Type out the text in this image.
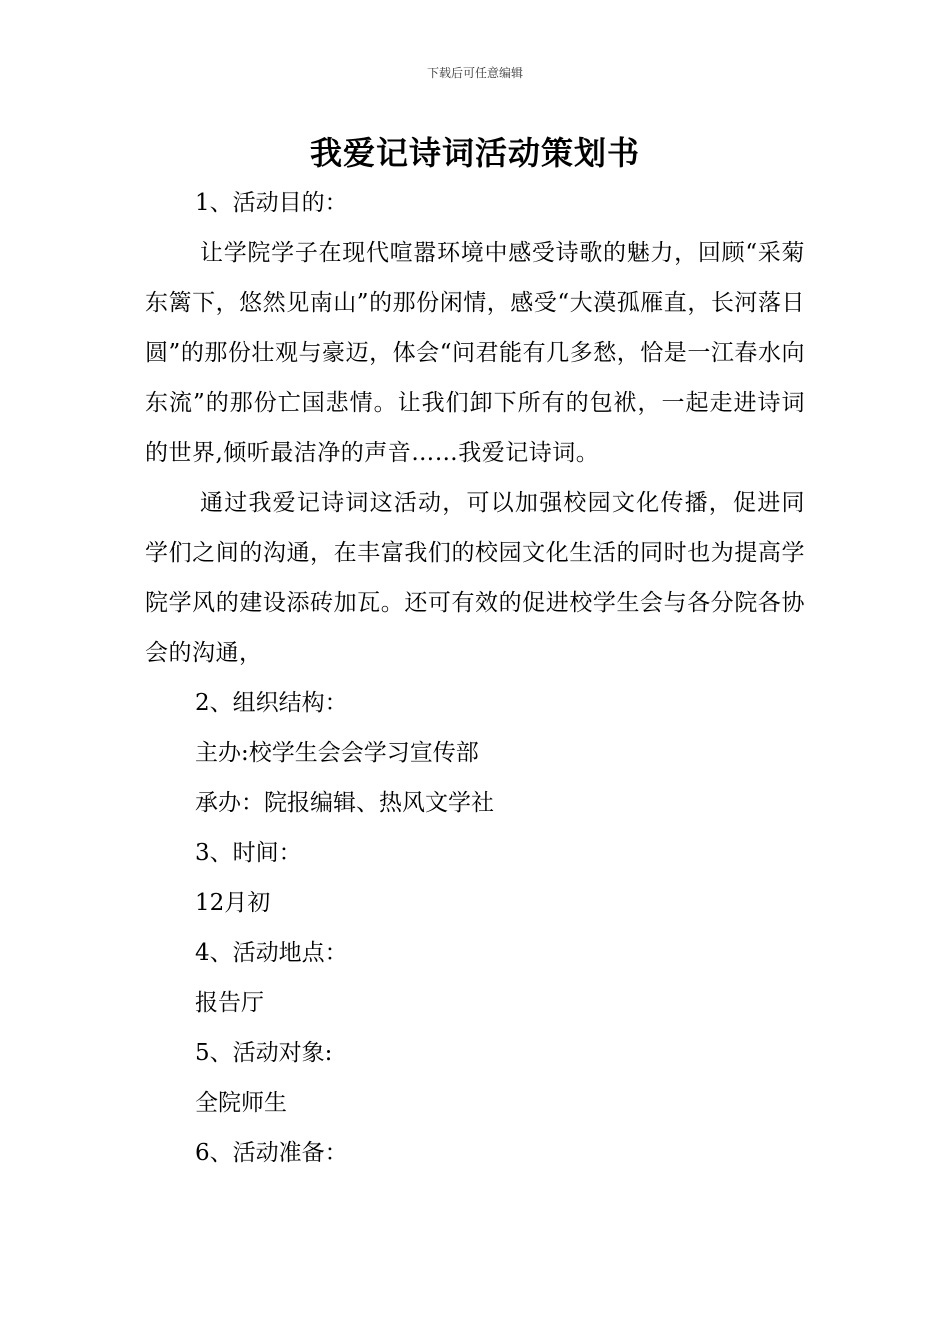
下载后可任意编辑
我爱记诗词活动策划书
1、活动目的：

让学院学子在现代喧嚣环境中感受诗歌的魅力，回顾“采菊东篱下，悠然见南山”的那份闲情，感受“大漠孤雁直，长河落日圆”的那份壮观与豪迈，体会“问君能有几多愁，恰是一江春水向东流”的那份亡国悲情。让我们卸下所有的包袱，一起走进诗词的世界,倾听最洁净的声音……我爱记诗词。

通过我爱记诗词这活动，可以加强校园文化传播，促进同学们之间的沟通，在丰富我们的校园文化生活的同时也为提高学院学风的建设添砖加瓦。还可有效的促进校学生会与各分院各协会的沟通，

2、组织结构：
主办:校学生会会学习宣传部
承办：院报编辑、热风文学社
3、时间：
12月初
4、活动地点：
报告厅
5、活动对象:
全院师生
6、活动准备：
